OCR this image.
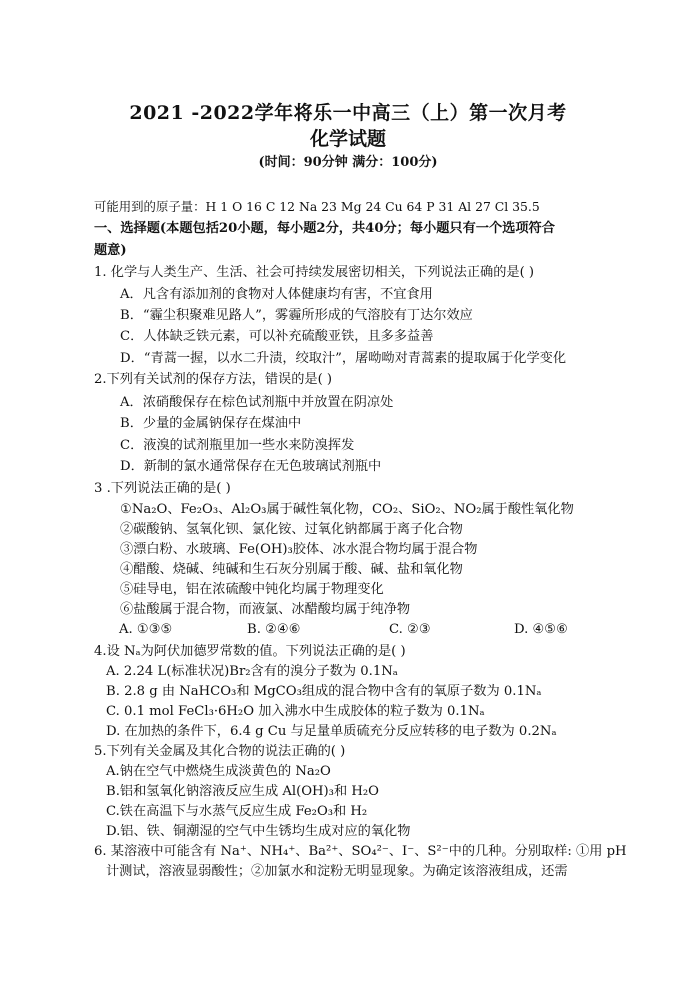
2021 -2022学年将乐一中高三（上）第一次月考
化学试题
(时间：90分钟 满分：100分)
可能用到的原子量：H 1 O 16 C 12 Na 23 Mg 24 Cu 64 P 31 Al 27 Cl 35.5
一、选择题(本题包括20小题，每小题2分，共40分；每小题只有一个选项符合
题意)
1. 化学与人类生产、生活、社会可持续发展密切相关，下列说法正确的是( )
A．凡含有添加剂的食物对人体健康均有害，不宜食用
B．“霾尘积聚难见路人”，雾霾所形成的气溶胶有丁达尔效应
C．人体缺乏铁元素，可以补充硫酸亚铁，且多多益善
D．“青蒿一握，以水二升渍，绞取汁”，屠呦呦对青蒿素的提取属于化学变化
2.下列有关试剂的保存方法，错误的是( )
A．浓硝酸保存在棕色试剂瓶中并放置在阴凉处
B．少量的金属钠保存在煤油中
C．液溴的试剂瓶里加一些水来防溴挥发
D．新制的氯水通常保存在无色玻璃试剂瓶中
3 .下列说法正确的是( )
①Na₂O、Fe₂O₃、Al₂O₃属于碱性氧化物，CO₂、SiO₂、NO₂属于酸性氧化物
②碳酸钠、氢氧化钡、氯化铵、过氧化钠都属于离子化合物
③漂白粉、水玻璃、Fe(OH)₃胶体、冰水混合物均属于混合物
④醋酸、烧碱、纯碱和生石灰分别属于酸、碱、盐和氧化物
⑤硅导电，铝在浓硫酸中钝化均属于物理变化
⑥盐酸属于混合物，而液氯、冰醋酸均属于纯净物
A. ①③⑤	B. ②④⑥	C. ②③	D. ④⑤⑥
4.设 Nₐ为阿伏加德罗常数的值。下列说法正确的是( )
A. 2.24 L(标准状况)Br₂含有的溴分子数为 0.1Nₐ
B. 2.8 g 由 NaHCO₃和 MgCO₃组成的混合物中含有的氧原子数为 0.1Nₐ
C. 0.1 mol FeCl₃·6H₂O 加入沸水中生成胶体的粒子数为 0.1Nₐ
D. 在加热的条件下，6.4 g Cu 与足量单质硫充分反应转移的电子数为 0.2Nₐ
5.下列有关金属及其化合物的说法正确的( )
A.钠在空气中燃烧生成淡黄色的 Na₂O
B.铝和氢氧化钠溶液反应生成 Al(OH)₃和 H₂O
C.铁在高温下与水蒸气反应生成 Fe₂O₃和 H₂
D.铝、铁、铜潮湿的空气中生锈均生成对应的氧化物
6. 某溶液中可能含有 Na⁺、NH₄⁺、Ba²⁺、SO₄²⁻、I⁻、S²⁻中的几种。分别取样: ①用 pH
计测试，溶液显弱酸性；②加氯水和淀粉无明显现象。为确定该溶液组成，还需
